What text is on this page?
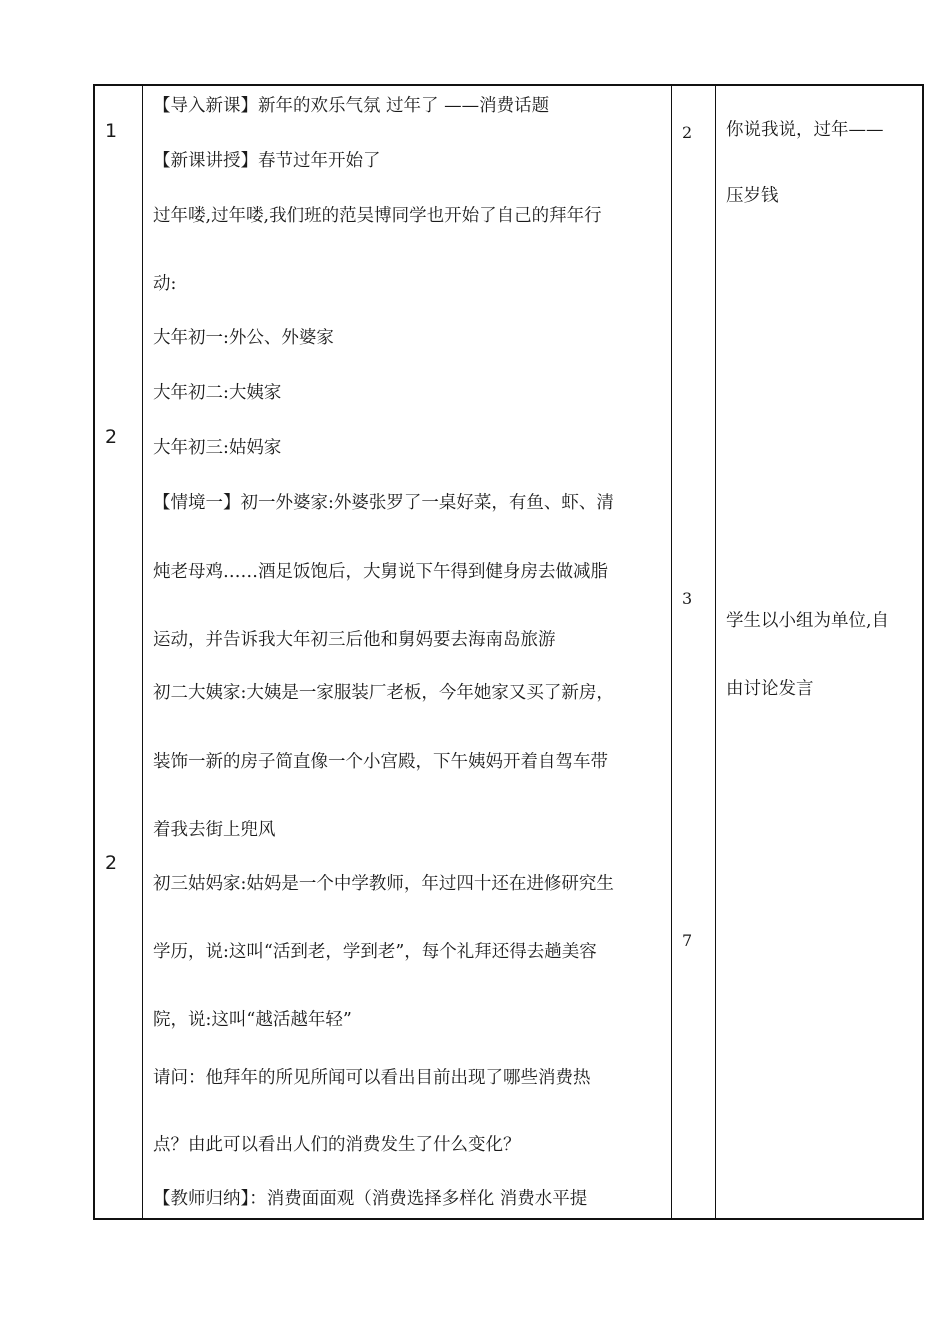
1
2
2
【导入新课】新年的欢乐气氛 过年了 ——消费话题
【新课讲授】春节过年开始了
过年喽,过年喽,我们班的范吴博同学也开始了自己的拜年行
动:
大年初一:外公、外婆家
大年初二:大姨家
大年初三:姑妈家
【情境一】初一外婆家:外婆张罗了一桌好菜，有鱼、虾、清
炖老母鸡……酒足饭饱后，大舅说下午得到健身房去做减脂
运动，并告诉我大年初三后他和舅妈要去海南岛旅游
初二大姨家:大姨是一家服装厂老板，今年她家又买了新房，
装饰一新的房子简直像一个小宫殿，下午姨妈开着自驾车带
着我去街上兜风
初三姑妈家:姑妈是一个中学教师，年过四十还在进修研究生
学历，说:这叫“活到老，学到老”，每个礼拜还得去趟美容
院，说:这叫“越活越年轻”
请问：他拜年的所见所闻可以看出目前出现了哪些消费热
点？由此可以看出人们的消费发生了什么变化？
【教师归纳】：消费面面观（消费选择多样化 消费水平提
2
3
7
你说我说，过年——
压岁钱
学生以小组为单位,自
由讨论发言
